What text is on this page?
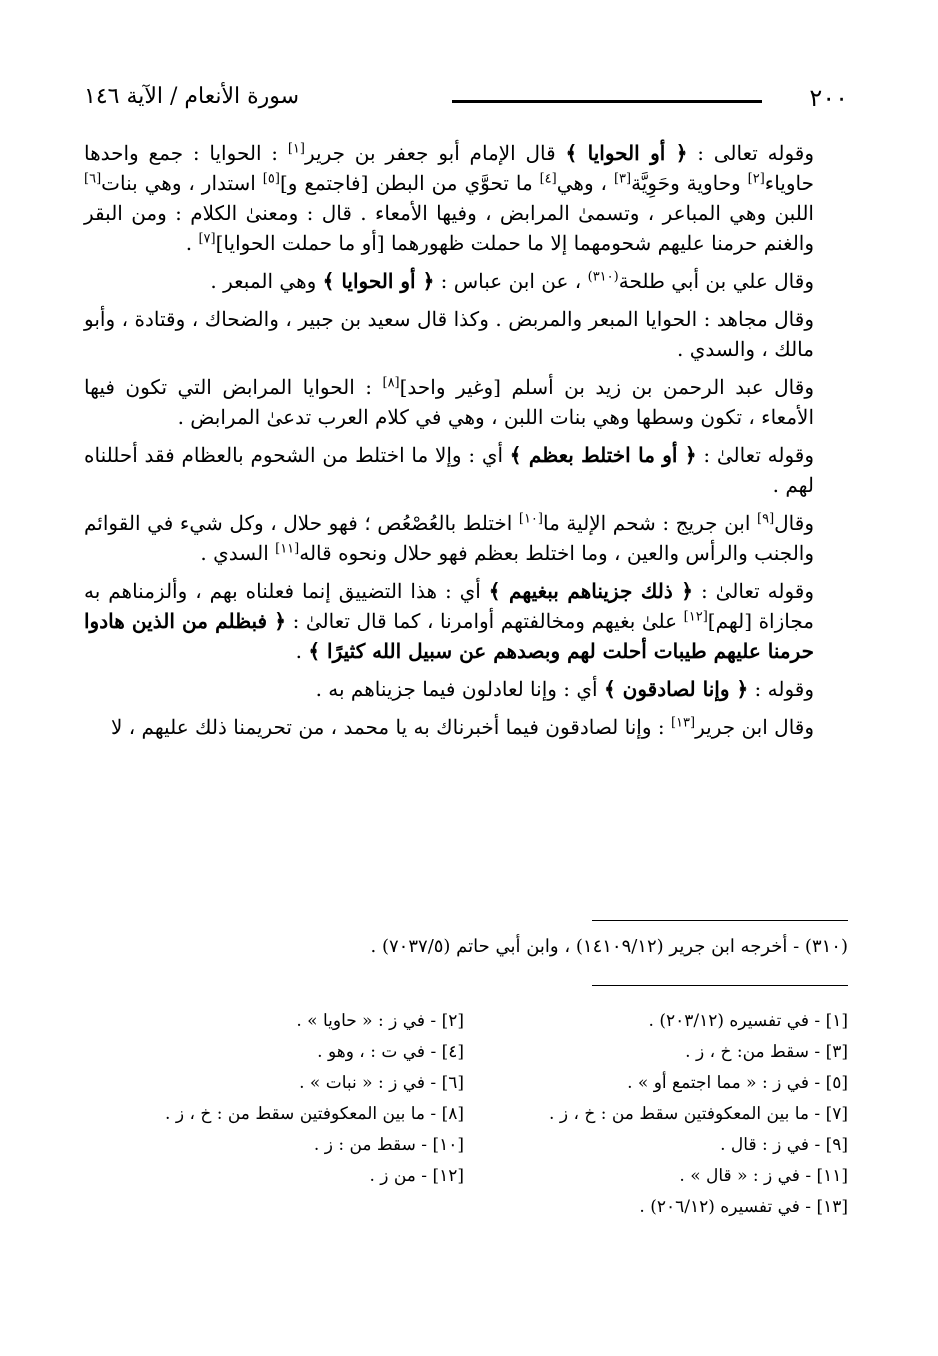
٢٠٠
سورة الأنعام / الآية ١٤٦

وقوله تعالى : ﴿ أو الحوايا ﴾ قال الإمام أبو جعفر بن جرير[١] : الحوايا : جمع واحدها حاوياء[٢] وحاوية وحَوِيَّة[٣] ، وهي[٤] ما تحوَّي من البطن [فاجتمع و][٥] استدار ، وهي بنات[٦] اللبن وهي المباعر ، وتسمىٰ المرابض ، وفيها الأمعاء . قال : ومعنىٰ الكلام : ومن البقر والغنم حرمنا عليهم شحومهما إلا ما حملت ظهورهما [أو ما حملت الحوايا][٧] .

وقال علي بن أبي طلحة$^{(٣١٠)}$ ، عن ابن عباس : ﴿ أو الحوايا ﴾ وهي المبعر .

وقال مجاهد : الحوايا المبعر والمربض . وكذا قال سعيد بن جبير ، والضحاك ، وقتادة ، وأبو مالك ، والسدي .

وقال عبد الرحمن بن زيد بن أسلم [وغير واحد][٨] : الحوايا المرابض التي تكون فيها الأمعاء ، تكون وسطها وهي بنات اللبن ، وهي في كلام العرب تدعىٰ المرابض .

وقوله تعالىٰ : ﴿ أو ما اختلط بعظم ﴾ أي : وإلا ما اختلط من الشحوم بالعظام فقد أحللناه لهم .

وقال[٩] ابن جريج : شحم الإلية ما[١٠] اختلط بالعُصْعُص ؛ فهو حلال ، وكل شيء في القوائم والجنب والرأس والعين ، وما اختلط بعظم فهو حلال ونحوه قاله[١١] السدي .

وقوله تعالىٰ : ﴿ ذلك جزيناهم ببغيهم ﴾ أي : هذا التضييق إنما فعلناه بهم ، وألزمناهم به مجازاة [لهم][١٢] علىٰ بغيهم ومخالفتهم أوامرنا ، كما قال تعالىٰ : ﴿ فبظلم من الذين هادوا حرمنا عليهم طيبات أحلت لهم وبصدهم عن سبيل الله كثيرًا ﴾ .

وقوله : ﴿ وإنا لصادقون ﴾ أي : وإنا لعادلون فيما جزيناهم به .

وقال ابن جرير[١٣] : وإنا لصادقون فيما أخبرناك به يا محمد ، من تحريمنا ذلك عليهم ، لا

(٣١٠) - أخرجه ابن جرير (١٤١٠٩/١٢) ، وابن أبي حاتم (٧٠٣٧/٥) .
[١] - في تفسيره (٢٠٣/١٢) .
[٣] - سقط من: خ ، ز .
[٥] - في ز : « مما اجتمع أو » .
[٧] - ما بين المعكوفتين سقط من : خ ، ز .
[٩] - في ز : قال .
[١١] - في ز : « قال » .
[١٣] - في تفسيره (٢٠٦/١٢) .
[٢] - في ز : « حاويا » .
[٤] - في ت : ، وهو .
[٦] - في ز : « نبات » .
[٨] - ما بين المعكوفتين سقط من : خ ، ز .
[١٠] - سقط من : ز .
[١٢] - من ز .
